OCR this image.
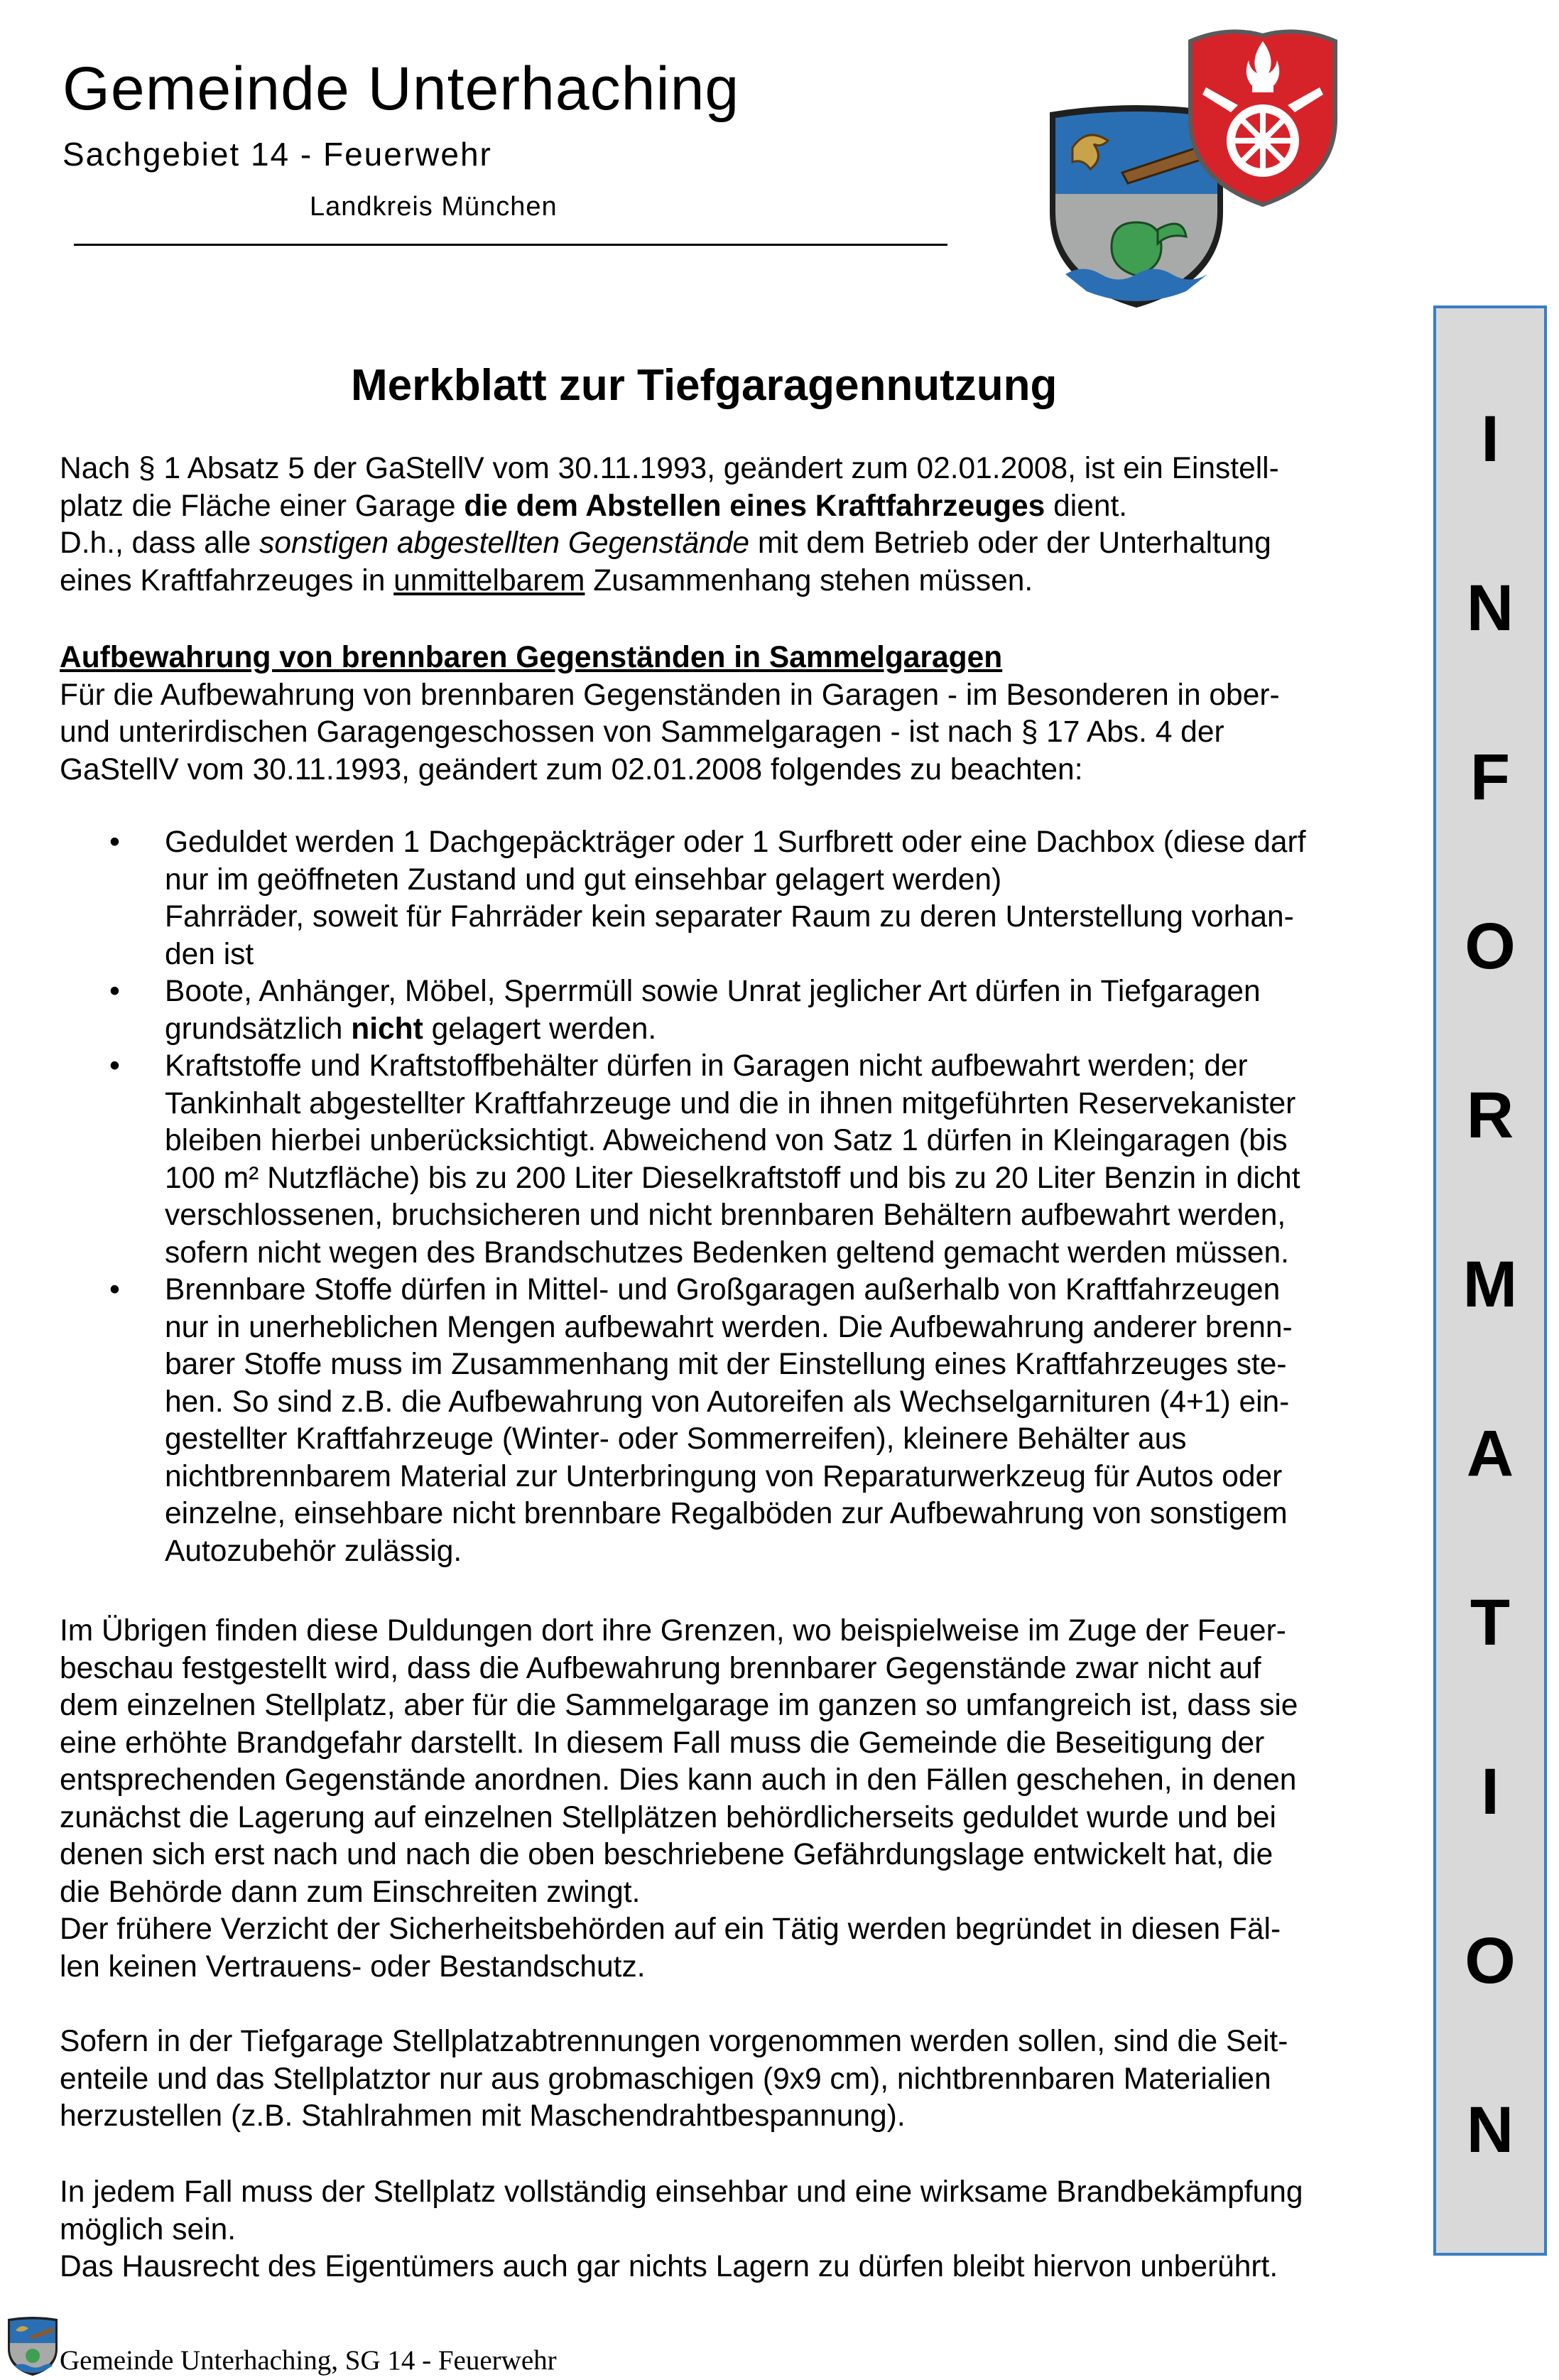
Gemeinde Unterhaching
Sachgebiet 14 - Feuerwehr
Landkreis München
I
N
F
O
R
M
A
T
I
O
N
Merkblatt zur Tiefgaragennutzung
Nach § 1 Absatz 5 der GaStellV vom 30.11.1993, geändert zum 02.01.2008, ist ein Einstell-
platz die Fläche einer Garage die dem Abstellen eines Kraftfahrzeuges dient.
D.h., dass alle sonstigen abgestellten Gegenstände mit dem Betrieb oder der Unterhaltung
eines Kraftfahrzeuges in unmittelbarem Zusammenhang stehen müssen.
Aufbewahrung von brennbaren Gegenständen in Sammelgaragen
Für die Aufbewahrung von brennbaren Gegenständen in Garagen - im Besonderen in ober-
und unterirdischen Garagengeschossen von Sammelgaragen - ist nach § 17 Abs. 4 der
GaStellV vom 30.11.1993, geändert zum 02.01.2008 folgendes zu beachten:
• Geduldet werden 1 Dachgepäckträger oder 1 Surfbrett oder eine Dachbox (diese darf
nur im geöffneten Zustand und gut einsehbar gelagert werden)
Fahrräder, soweit für Fahrräder kein separater Raum zu deren Unterstellung vorhan-
den ist
• Boote, Anhänger, Möbel, Sperrmüll sowie Unrat jeglicher Art dürfen in Tiefgaragen
grundsätzlich nicht gelagert werden.
• Kraftstoffe und Kraftstoffbehälter dürfen in Garagen nicht aufbewahrt werden; der
Tankinhalt abgestellter Kraftfahrzeuge und die in ihnen mitgeführten Reservekanister
bleiben hierbei unberücksichtigt. Abweichend von Satz 1 dürfen in Kleingaragen (bis
100 m² Nutzfläche) bis zu 200 Liter Dieselkraftstoff und bis zu 20 Liter Benzin in dicht
verschlossenen, bruchsicheren und nicht brennbaren Behältern aufbewahrt werden,
sofern nicht wegen des Brandschutzes Bedenken geltend gemacht werden müssen.
• Brennbare Stoffe dürfen in Mittel- und Großgaragen außerhalb von Kraftfahrzeugen
nur in unerheblichen Mengen aufbewahrt werden. Die Aufbewahrung anderer brenn-
barer Stoffe muss im Zusammenhang mit der Einstellung eines Kraftfahrzeuges ste-
hen. So sind z.B. die Aufbewahrung von Autoreifen als Wechselgarnituren (4+1) ein-
gestellter Kraftfahrzeuge (Winter- oder Sommerreifen), kleinere Behälter aus
nichtbrennbarem Material zur Unterbringung von Reparaturwerkzeug für Autos oder
einzelne, einsehbare nicht brennbare Regalböden zur Aufbewahrung von sonstigem
Autozubehör zulässig.
Im Übrigen finden diese Duldungen dort ihre Grenzen, wo beispielweise im Zuge der Feuer-
beschau festgestellt wird, dass die Aufbewahrung brennbarer Gegenstände zwar nicht auf
dem einzelnen Stellplatz, aber für die Sammelgarage im ganzen so umfangreich ist, dass sie
eine erhöhte Brandgefahr darstellt. In diesem Fall muss die Gemeinde die Beseitigung der
entsprechenden Gegenstände anordnen. Dies kann auch in den Fällen geschehen, in denen
zunächst die Lagerung auf einzelnen Stellplätzen behördlicherseits geduldet wurde und bei
denen sich erst nach und nach die oben beschriebene Gefährdungslage entwickelt hat, die
die Behörde dann zum Einschreiten zwingt.
Der frühere Verzicht der Sicherheitsbehörden auf ein Tätig werden begründet in diesen Fäl-
len keinen Vertrauens- oder Bestandschutz.
Sofern in der Tiefgarage Stellplatzabtrennungen vorgenommen werden sollen, sind die Seit-
enteile und das Stellplatztor nur aus grobmaschigen (9x9 cm), nichtbrennbaren Materialien
herzustellen (z.B. Stahlrahmen mit Maschendrahtbespannung).
In jedem Fall muss der Stellplatz vollständig einsehbar und eine wirksame Brandbekämpfung
möglich sein.
Das Hausrecht des Eigentümers auch gar nichts Lagern zu dürfen bleibt hiervon unberührt.
Gemeinde Unterhaching, SG 14 - Feuerwehr
